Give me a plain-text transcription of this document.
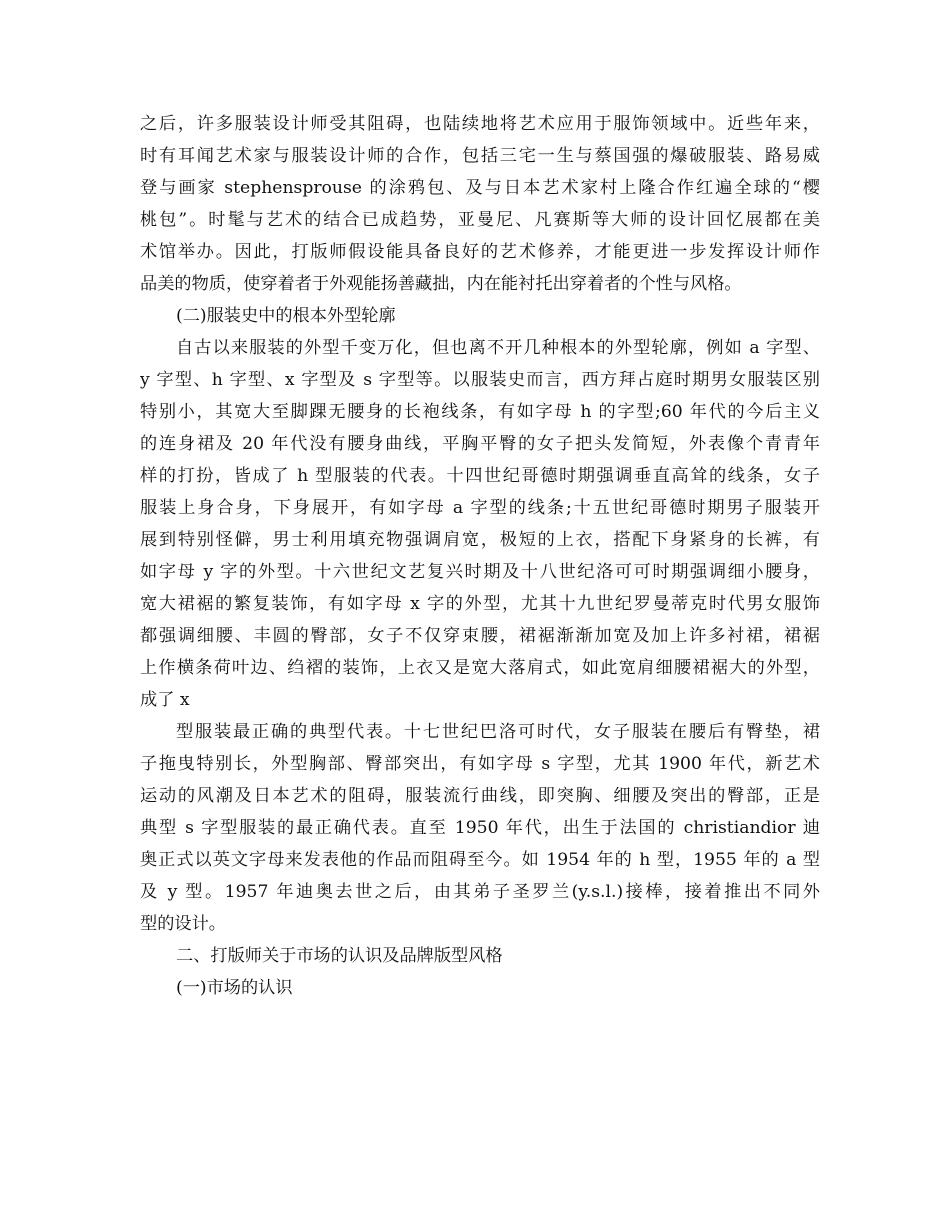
之后，许多服装设计师受其阻碍，也陆续地将艺术应用于服饰领域中。近些年来，
时有耳闻艺术家与服装设计师的合作，包括三宅一生与蔡国强的爆破服装、路易威
登与画家 stephensprouse 的涂鸦包、及与日本艺术家村上隆合作红遍全球的“樱
桃包”。时髦与艺术的结合已成趋势，亚曼尼、凡赛斯等大师的设计回忆展都在美
术馆举办。因此，打版师假设能具备良好的艺术修养，才能更进一步发挥设计师作
品美的物质，使穿着者于外观能扬善藏拙，内在能衬托出穿着者的个性与风格。
(二)服装史中的根本外型轮廓
自古以来服装的外型千变万化，但也离不开几种根本的外型轮廓，例如 a 字型、
y 字型、h 字型、x 字型及 s 字型等。以服装史而言，西方拜占庭时期男女服装区别
特别小，其宽大至脚踝无腰身的长袍线条，有如字母 h 的字型;60 年代的今后主义
的连身裙及 20 年代没有腰身曲线，平胸平臀的女子把头发简短，外表像个青青年
样的打扮，皆成了 h 型服装的代表。十四世纪哥德时期强调垂直高耸的线条，女子
服装上身合身，下身展开，有如字母 a 字型的线条;十五世纪哥德时期男子服装开
展到特别怪僻，男士利用填充物强调肩宽，极短的上衣，搭配下身紧身的长裤，有
如字母 y 字的外型。十六世纪文艺复兴时期及十八世纪洛可可时期强调细小腰身，
宽大裙裾的繁复装饰，有如字母 x 字的外型，尤其十九世纪罗曼蒂克时代男女服饰
都强调细腰、丰圆的臀部，女子不仅穿束腰，裙裾渐渐加宽及加上许多衬裙，裙裾
上作横条荷叶边、绉褶的装饰，上衣又是宽大落肩式，如此宽肩细腰裙裾大的外型，
成了 x
型服装最正确的典型代表。十七世纪巴洛可时代，女子服装在腰后有臀垫，裙
子拖曳特别长，外型胸部、臀部突出，有如字母 s 字型，尤其 1900 年代，新艺术
运动的风潮及日本艺术的阻碍，服装流行曲线，即突胸、细腰及突出的臀部，正是
典型 s 字型服装的最正确代表。直至 1950 年代，出生于法国的 christiandior 迪
奥正式以英文字母来发表他的作品而阻碍至今。如 1954 年的 h 型，1955 年的 a 型
及 y 型。1957 年迪奥去世之后，由其弟子圣罗兰(y.s.l.)接棒，接着推出不同外
型的设计。
二、打版师关于市场的认识及品牌版型风格
(一)市场的认识
